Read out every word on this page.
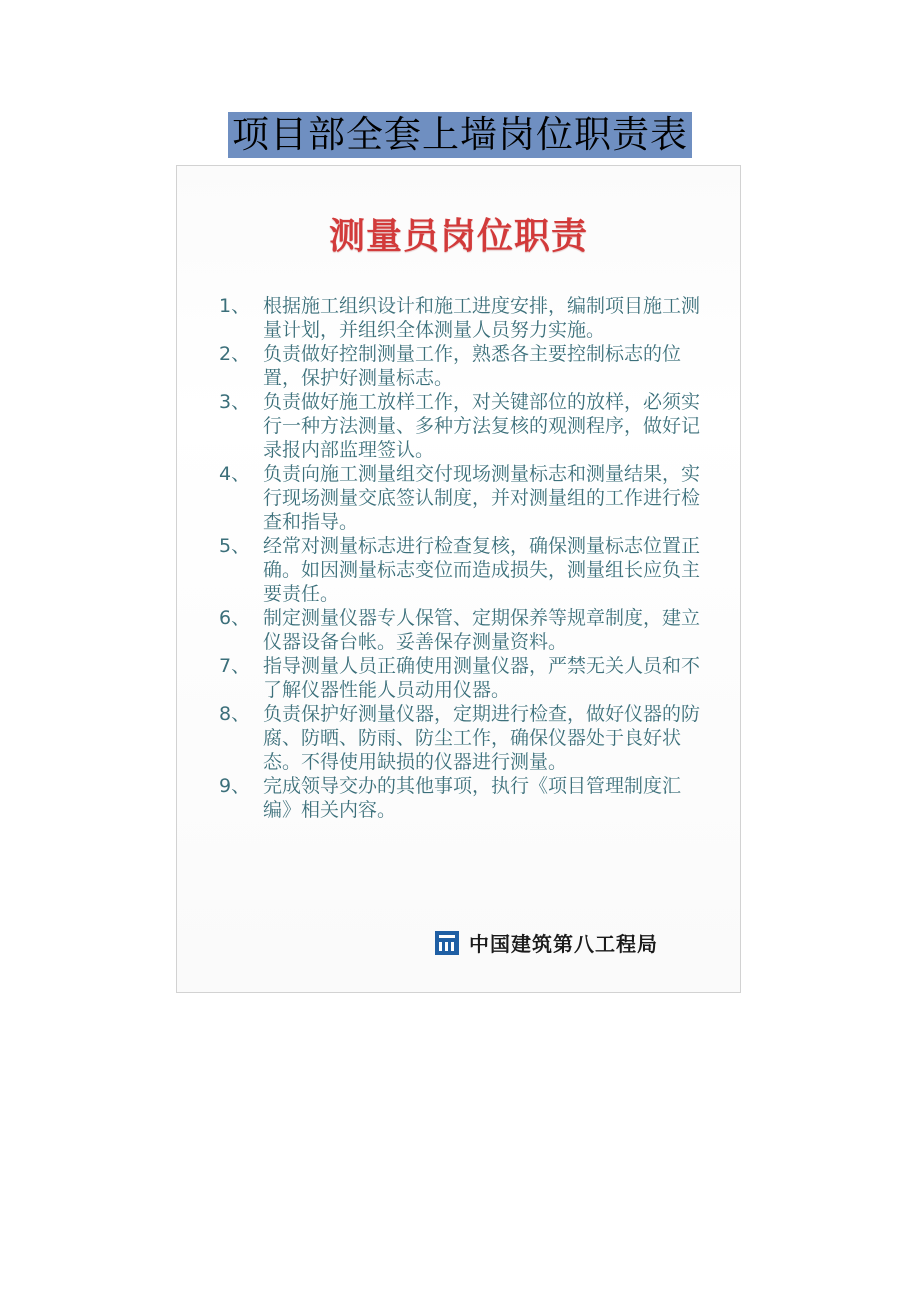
项目部全套上墙岗位职责表
测量员岗位职责
1、 根据施工组织设计和施工进度安排，编制项目施工测量计划，并组织全体测量人员努力实施。
2、 负责做好控制测量工作，熟悉各主要控制标志的位置，保护好测量标志。
3、 负责做好施工放样工作，对关键部位的放样，必须实行一种方法测量、多种方法复核的观测程序，做好记录报内部监理签认。
4、 负责向施工测量组交付现场测量标志和测量结果，实行现场测量交底签认制度，并对测量组的工作进行检查和指导。
5、 经常对测量标志进行检查复核，确保测量标志位置正确。如因测量标志变位而造成损失，测量组长应负主要责任。
6、 制定测量仪器专人保管、定期保养等规章制度，建立仪器设备台帐。妥善保存测量资料。
7、 指导测量人员正确使用测量仪器，严禁无关人员和不了解仪器性能人员动用仪器。
8、 负责保护好测量仪器，定期进行检查，做好仪器的防腐、防晒、防雨、防尘工作，确保仪器处于良好状态。不得使用缺损的仪器进行测量。
9、 完成领导交办的其他事项，执行《项目管理制度汇编》相关内容。
中国建筑第八工程局
